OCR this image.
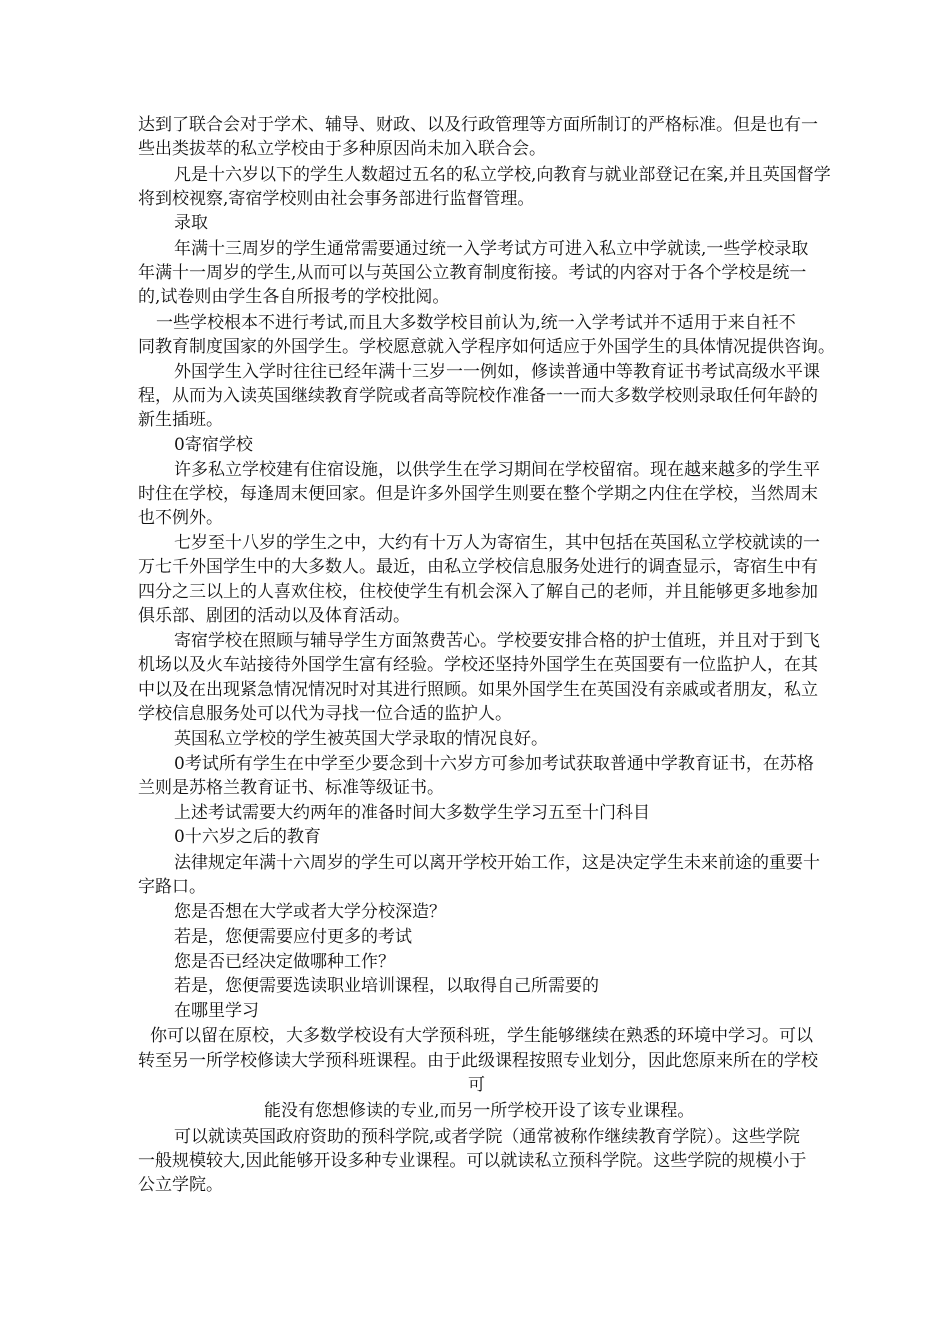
达到了联合会对于学术、辅导、财政、以及行政管理等方面所制订的严格标准。但是也有一

些出类拔萃的私立学校由于多种原因尚未加入联合会。

凡是十六岁以下的学生人数超过五名的私立学校,向教育与就业部登记在案,并且英国督学

将到校视察,寄宿学校则由社会事务部进行监督管理。

录取

年满十三周岁的学生通常需要通过统一入学考试方可进入私立中学就读,一些学校录取

年满十一周岁的学生,从而可以与英国公立教育制度衔接。考试的内容对于各个学校是统一

的,试卷则由学生各自所报考的学校批阅。

一些学校根本不进行考试,而且大多数学校目前认为,统一入学考试并不适用于来自衽不

同教育制度国家的外国学生。学校愿意就入学程序如何适应于外国学生的具体情况提供咨询。

外国学生入学时往往已经年满十三岁一一例如，修读普通中等教育证书考试高级水平课

程，从而为入读英国继续教育学院或者高等院校作准备一一而大多数学校则录取任何年龄的

新生插班。

0寄宿学校

许多私立学校建有住宿设施，以供学生在学习期间在学校留宿。现在越来越多的学生平

时住在学校，每逢周末便回家。但是许多外国学生则要在整个学期之内住在学校，当然周末

也不例外。

七岁至十八岁的学生之中，大约有十万人为寄宿生，其中包括在英国私立学校就读的一

万七千外国学生中的大多数人。最近，由私立学校信息服务处进行的调查显示，寄宿生中有

四分之三以上的人喜欢住校，住校使学生有机会深入了解自己的老师，并且能够更多地参加

俱乐部、剧团的活动以及体育活动。

寄宿学校在照顾与辅导学生方面煞费苦心。学校要安排合格的护士值班，并且对于到飞

机场以及火车站接待外国学生富有经验。学校还坚持外国学生在英国要有一位监护人，在其

中以及在出现紧急情况情况时对其进行照顾。如果外国学生在英国没有亲戚或者朋友，私立

学校信息服务处可以代为寻找一位合适的监护人。

英国私立学校的学生被英国大学录取的情况良好。

0考试所有学生在中学至少要念到十六岁方可参加考试获取普通中学教育证书，在苏格

兰则是苏格兰教育证书、标准等级证书。

上述考试需要大约两年的准备时间大多数学生学习五至十门科目

0十六岁之后的教育

法律规定年满十六周岁的学生可以离开学校开始工作，这是决定学生未来前途的重要十

字路口。

您是否想在大学或者大学分校深造？

若是，您便需要应付更多的考试

您是否已经决定做哪种工作？

若是，您便需要选读职业培训课程，以取得自己所需要的

在哪里学习

你可以留在原校，大多数学校设有大学预科班，学生能够继续在熟悉的环境中学习。可以

转至另一所学校修读大学预科班课程。由于此级课程按照专业划分，因此您原来所在的学校

可

能没有您想修读的专业,而另一所学校开设了该专业课程。

可以就读英国政府资助的预科学院,或者学院（通常被称作继续教育学院）。这些学院

一般规模较大,因此能够开设多种专业课程。可以就读私立预科学院。这些学院的规模小于

公立学院。
